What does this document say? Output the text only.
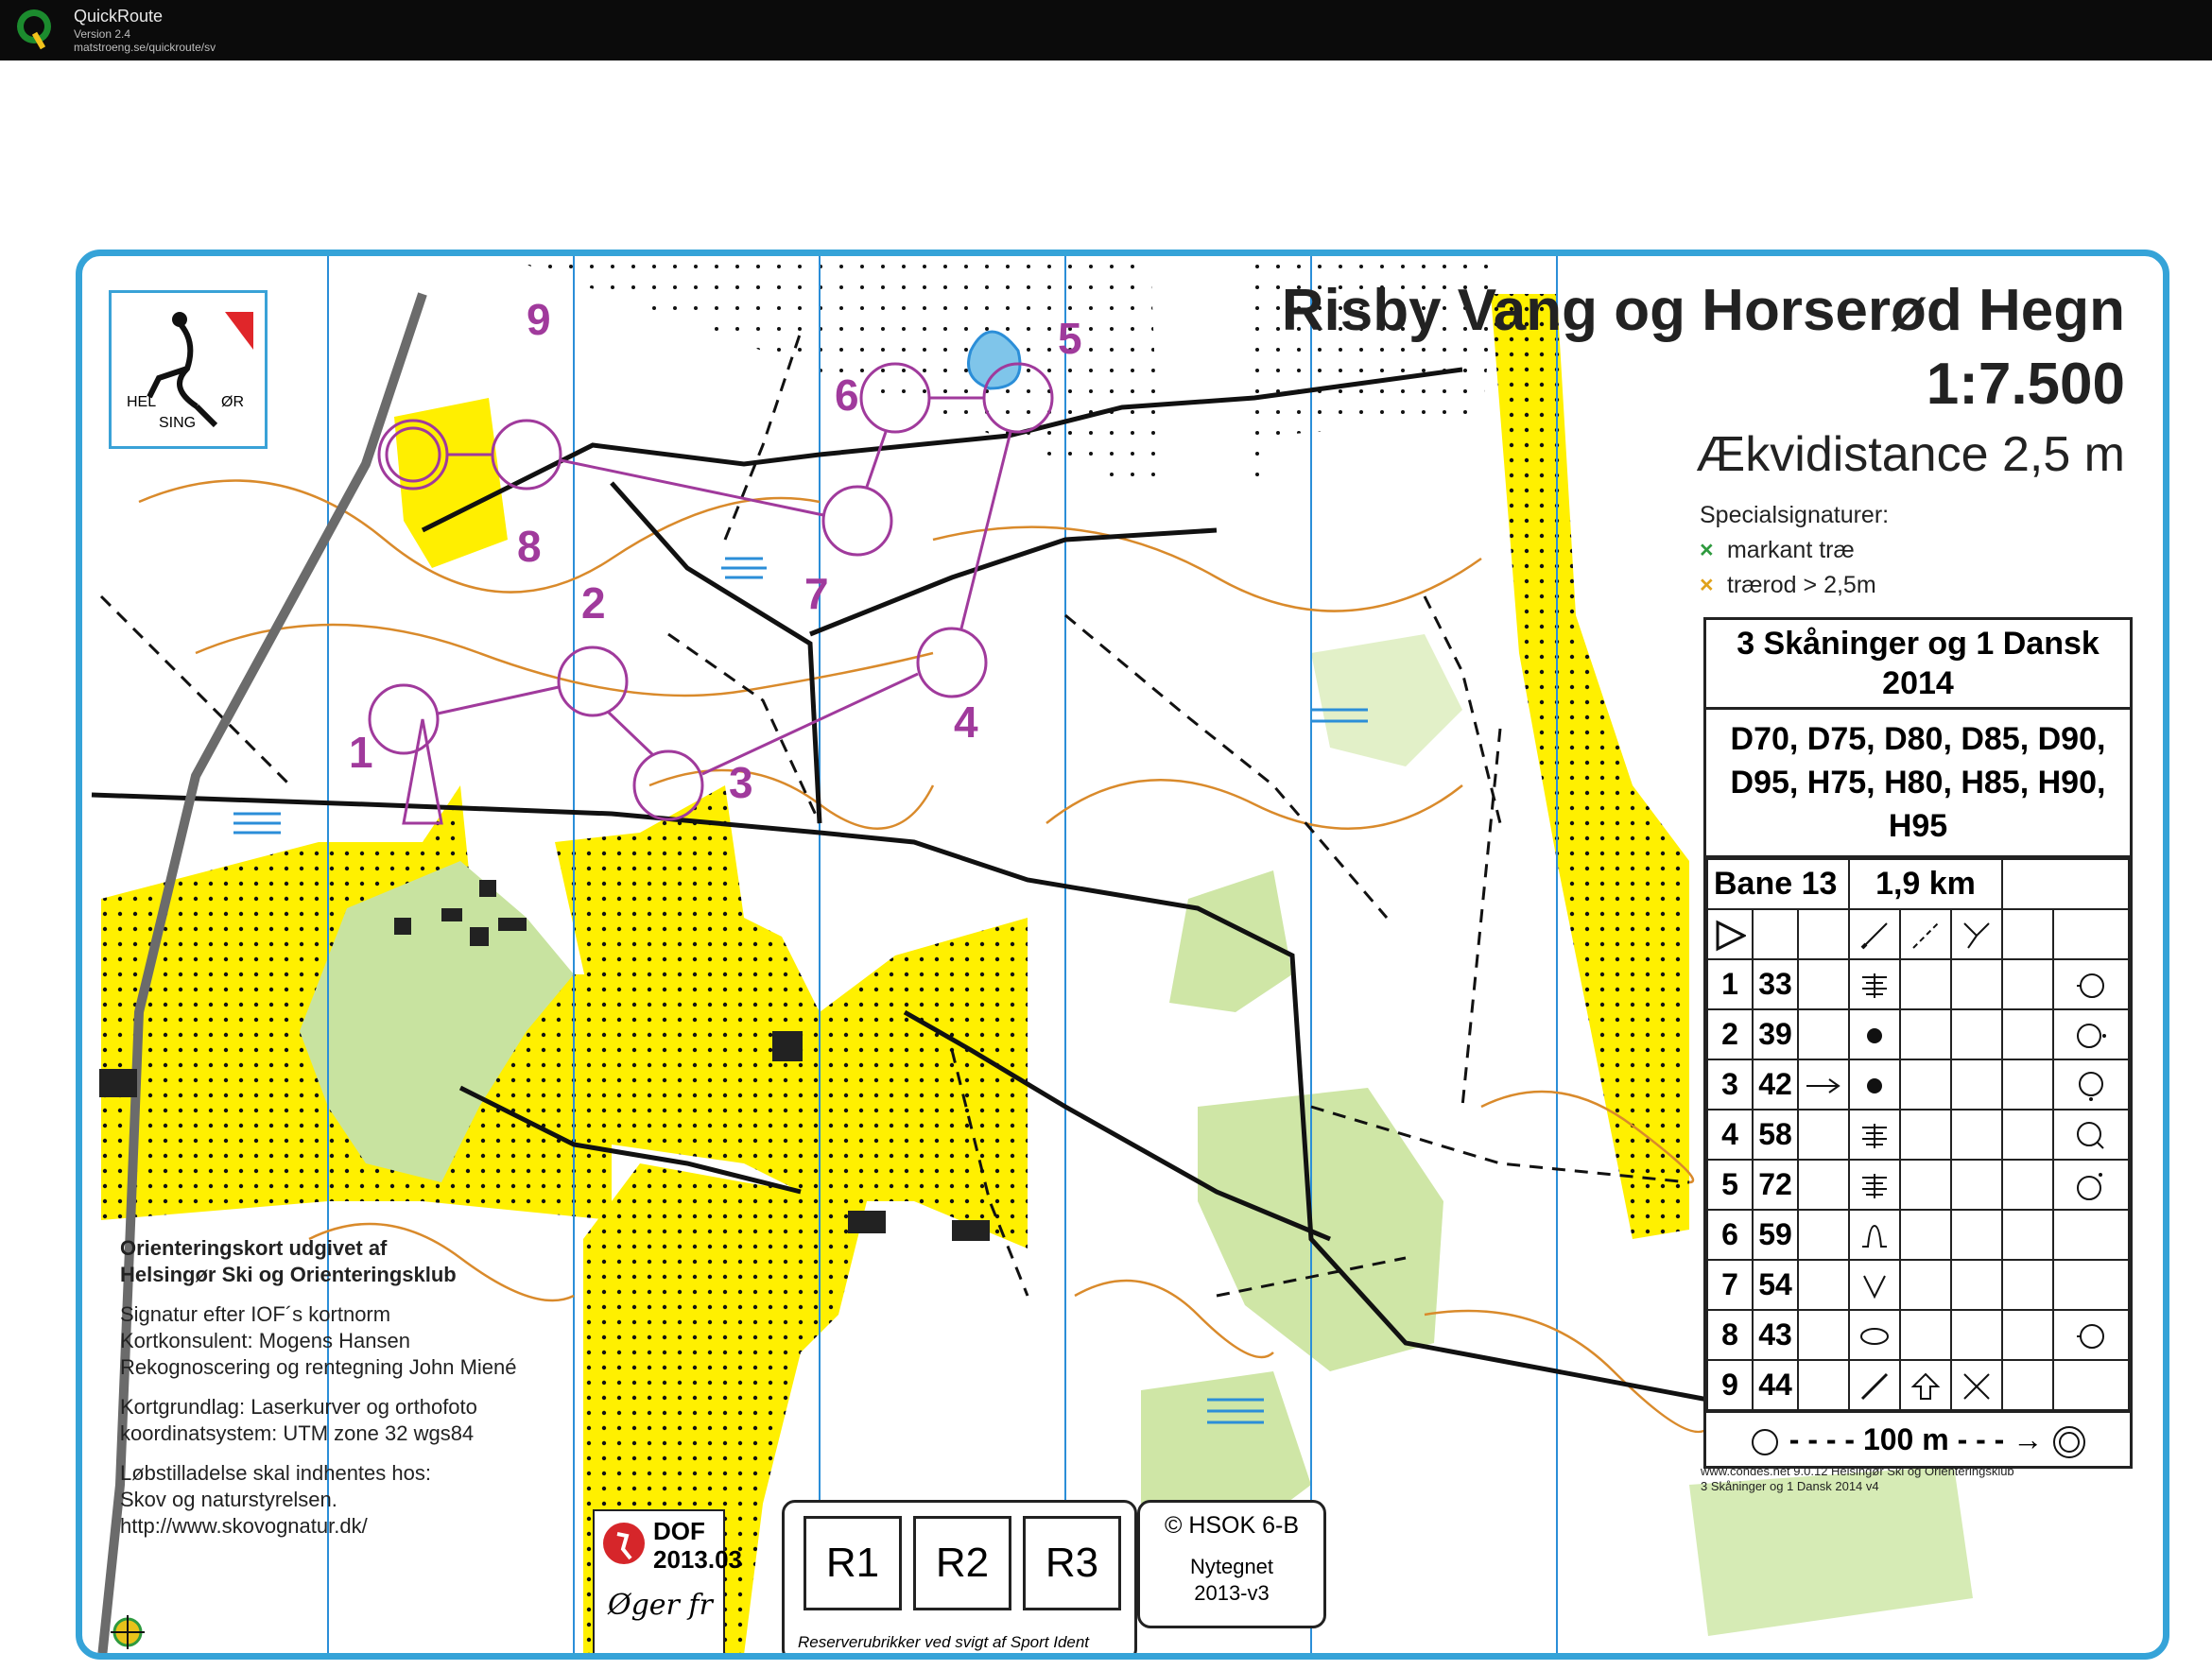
QuickRoute
Version 2.4
matstroeng.se/quickroute/sv
HEL
SING
ØR
1
2
3
4
5
6
7
8
9	Risby Vang og Horserød Hegn
1:7.500
Ækvidistance 2,5 m
Specialsignaturer:
× markant træ
× trærod > 2,5m
3 Skåninger og 1 Dansk 2014
D70, D75, D80, D85, D90, D95, H75, H80, H85, H90, H95
Bane 13			1,9 km				

1	33						
2	39						
3	42						
4	58						
5	72						
6	59						
7	54						
8	43						
9	44						
- - - - 100 m - - - →
www.condes.net 9.0.12 Helsingør Ski og Orienteringsklub
3 Skåninger og 1 Dansk 2014 v4
Orienteringskort udgivet af
Helsingør Ski og Orienteringsklub
Signatur efter IOF´s kortnorm
Kortkonsulent: Mogens Hansen
Rekognoscering og rentegning John Miené
Kortgrundlag: Laserkurver og orthofoto
koordinatsystem: UTM zone 32 wgs84
Løbstilladelse skal indhentes hos:
Skov og naturstyrelsen.
http://www.skovognatur.dk/	DOF
2013.03
Øger fr
R1	R2	R3
Reserverubrikker ved svigt af Sport Ident
© HSOK 6-B
Nytegnet
2013-v3
